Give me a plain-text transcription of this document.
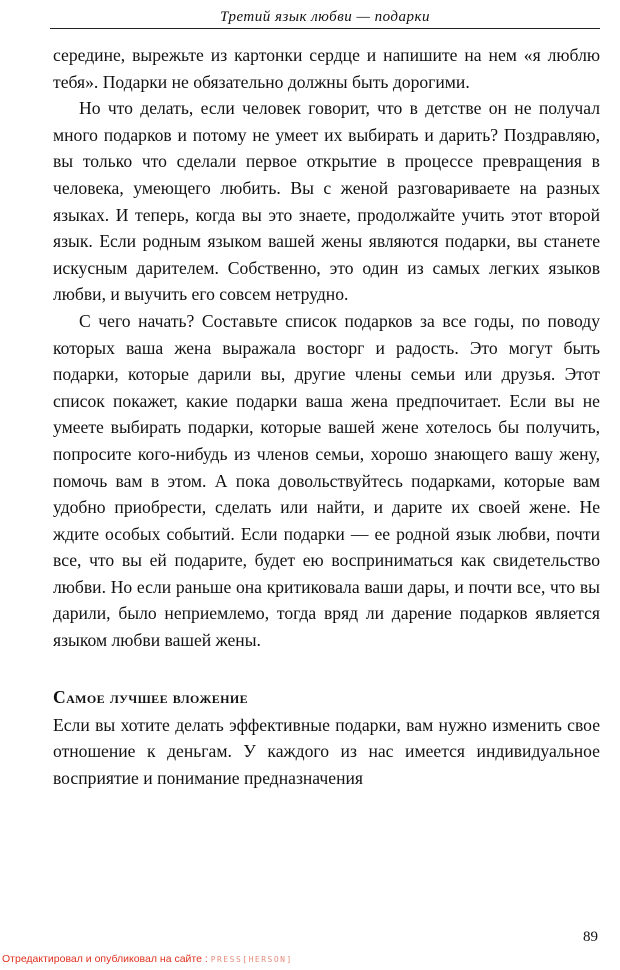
Третий язык любви — подарки

середине, вырежьте из картонки сердце и напишите на нем «я люблю тебя». Подарки не обязательно должны быть дорогими.

Но что делать, если человек говорит, что в детстве он не получал много подарков и потому не умеет их выбирать и дарить? Поздравляю, вы только что сделали первое открытие в процессе превращения в человека, умеющего любить. Вы с женой разговариваете на разных языках. И теперь, когда вы это знаете, продолжайте учить этот второй язык. Если родным языком вашей жены являются подарки, вы станете искусным дарителем. Собственно, это один из самых легких языков любви, и выучить его совсем нетрудно.

С чего начать? Составьте список подарков за все годы, по поводу которых ваша жена выражала восторг и радость. Это могут быть подарки, которые дарили вы, другие члены семьи или друзья. Этот список покажет, какие подарки ваша жена предпочитает. Если вы не умеете выбирать подарки, которые вашей жене хотелось бы получить, попросите кого-нибудь из членов семьи, хорошо знающего вашу жену, помочь вам в этом. А пока довольствуйтесь подарками, которые вам удобно приобрести, сделать или найти, и дарите их своей жене. Не ждите особых событий. Если подарки — ее родной язык любви, почти все, что вы ей подарите, будет ею восприниматься как свидетельство любви. Но если раньше она критиковала ваши дары, и почти все, что вы дарили, было неприемлемо, тогда вряд ли дарение подарков является языком любви вашей жены.

Самое лучшее вложение

Если вы хотите делать эффективные подарки, вам нужно изменить свое отношение к деньгам. У каждого из нас имеется индивидуальное восприятие и понимание предназначения

89
Отредактировал и опубликовал на сайте : PRESS[HERSON]
